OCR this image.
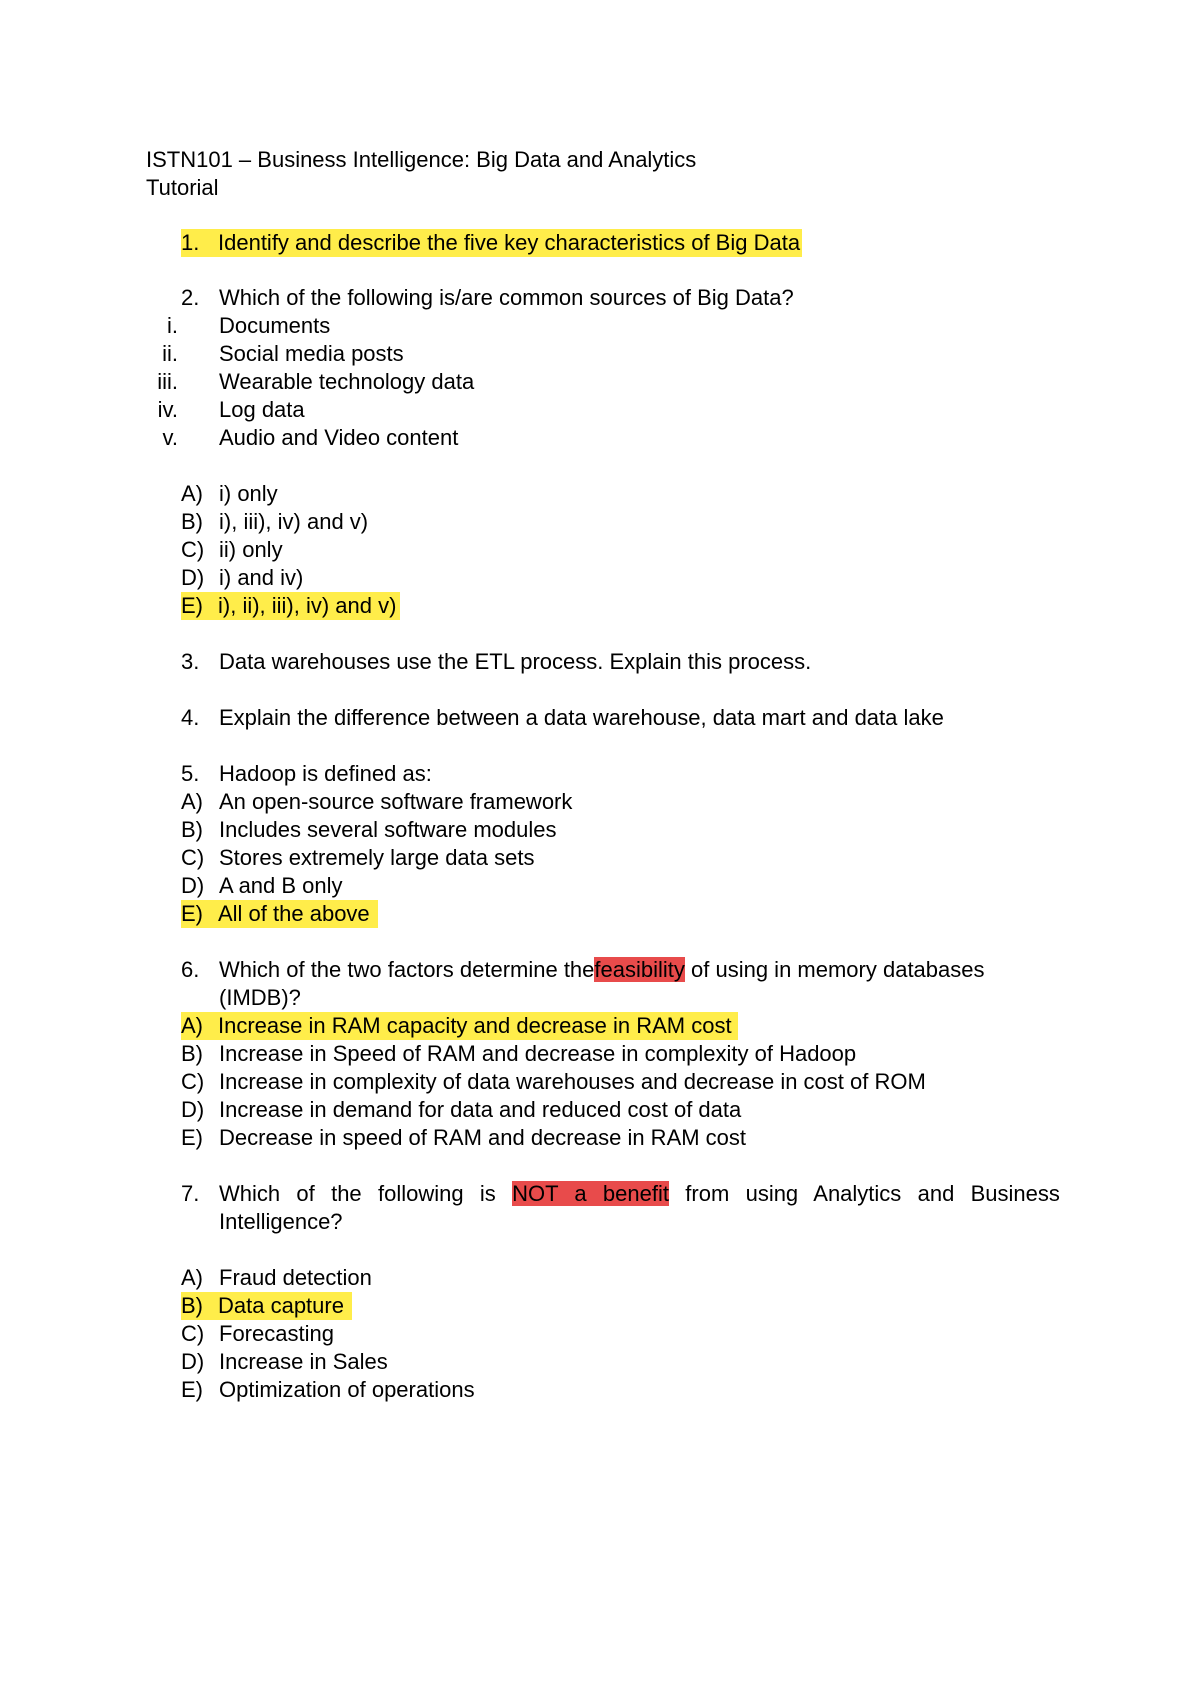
ISTN101 – Business Intelligence: Big Data and Analytics
Tutorial
1. Identify and describe the five key characteristics of Big Data
2. Which of the following is/are common sources of Big Data?
i. Documents
ii. Social media posts
iii. Wearable technology data
iv. Log data
v. Audio and Video content
A) i) only
B) i), iii), iv) and v)
C) ii) only
D) i) and iv)
E) i), ii), iii), iv) and v)
3. Data warehouses use the ETL process. Explain this process.
4. Explain the difference between a data warehouse, data mart and data lake
5. Hadoop is defined as:
A) An open-source software framework
B) Includes several software modules
C) Stores extremely large data sets
D) A and B only
E) All of the above
6. Which of the two factors determine thefeasibility of using in memory databases
(IMDB)?
A) Increase in RAM capacity and decrease in RAM cost
B) Increase in Speed of RAM and decrease in complexity of Hadoop
C) Increase in complexity of data warehouses and decrease in cost of ROM
D) Increase in demand for data and reduced cost of data
E) Decrease in speed of RAM and decrease in RAM cost
7. Which of the following is NOT a benefit from using Analytics and Business
Intelligence?
A) Fraud detection
B) Data capture
C) Forecasting
D) Increase in Sales
E) Optimization of operations
